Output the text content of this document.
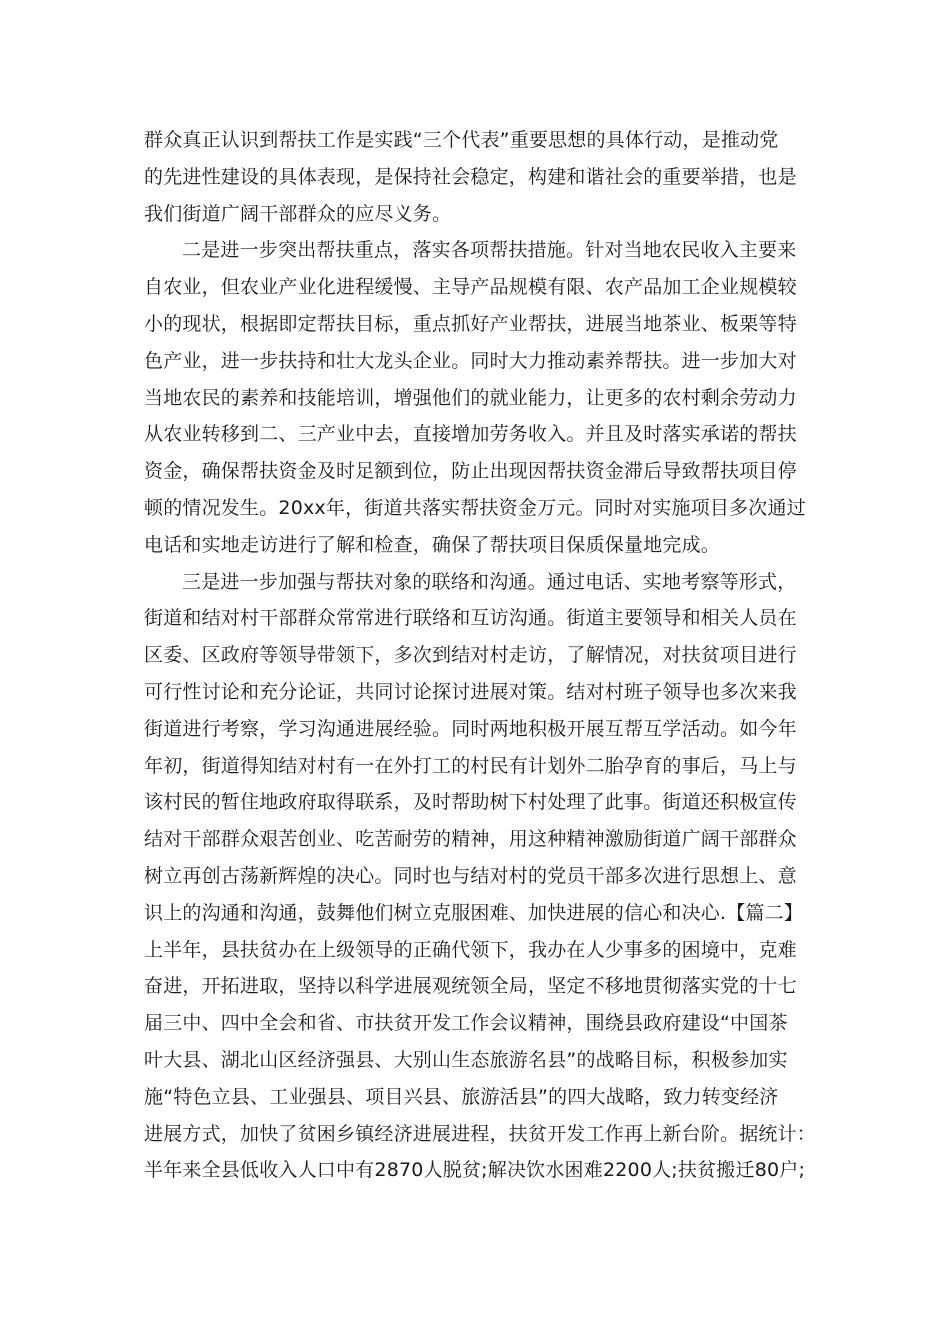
群众真正认识到帮扶工作是实践“三个代表”重要思想的具体行动，是推动党
的先进性建设的具体表现，是保持社会稳定，构建和谐社会的重要举措，也是
我们街道广阔干部群众的应尽义务。
二是进一步突出帮扶重点，落实各项帮扶措施。针对当地农民收入主要来
自农业，但农业产业化进程缓慢、主导产品规模有限、农产品加工企业规模较
小的现状，根据即定帮扶目标，重点抓好产业帮扶，进展当地茶业、板栗等特
色产业，进一步扶持和壮大龙头企业。同时大力推动素养帮扶。进一步加大对
当地农民的素养和技能培训，增强他们的就业能力，让更多的农村剩余劳动力
从农业转移到二、三产业中去，直接增加劳务收入。并且及时落实承诺的帮扶
资金，确保帮扶资金及时足额到位，防止出现因帮扶资金滞后导致帮扶项目停
顿的情况发生。20xx年，街道共落实帮扶资金万元。同时对实施项目多次通过
电话和实地走访进行了解和检查，确保了帮扶项目保质保量地完成。
三是进一步加强与帮扶对象的联络和沟通。通过电话、实地考察等形式，
街道和结对村干部群众常常进行联络和互访沟通。街道主要领导和相关人员在
区委、区政府等领导带领下，多次到结对村走访，了解情况，对扶贫项目进行
可行性讨论和充分论证，共同讨论探讨进展对策。结对村班子领导也多次来我
街道进行考察，学习沟通进展经验。同时两地积极开展互帮互学活动。如今年
年初，街道得知结对村有一在外打工的村民有计划外二胎孕育的事后，马上与
该村民的暂住地政府取得联系，及时帮助树下村处理了此事。街道还积极宣传
结对干部群众艰苦创业、吃苦耐劳的精神，用这种精神激励街道广阔干部群众
树立再创古荡新辉煌的决心。同时也与结对村的党员干部多次进行思想上、意
识上的沟通和沟通，鼓舞他们树立克服困难、加快进展的信心和决心.【篇二】
上半年，县扶贫办在上级领导的正确代领下，我办在人少事多的困境中，克难
奋进，开拓进取，坚持以科学进展观统领全局，坚定不移地贯彻落实党的十七
届三中、四中全会和省、市扶贫开发工作会议精神，围绕县政府建设“中国茶
叶大县、湖北山区经济强县、大别山生态旅游名县”的战略目标，积极参加实
施“特色立县、工业强县、项目兴县、旅游活县”的四大战略，致力转变经济
进展方式，加快了贫困乡镇经济进展进程，扶贫开发工作再上新台阶。据统计：
半年来全县低收入人口中有2870人脱贫;解决饮水困难2200人;扶贫搬迁80户;
